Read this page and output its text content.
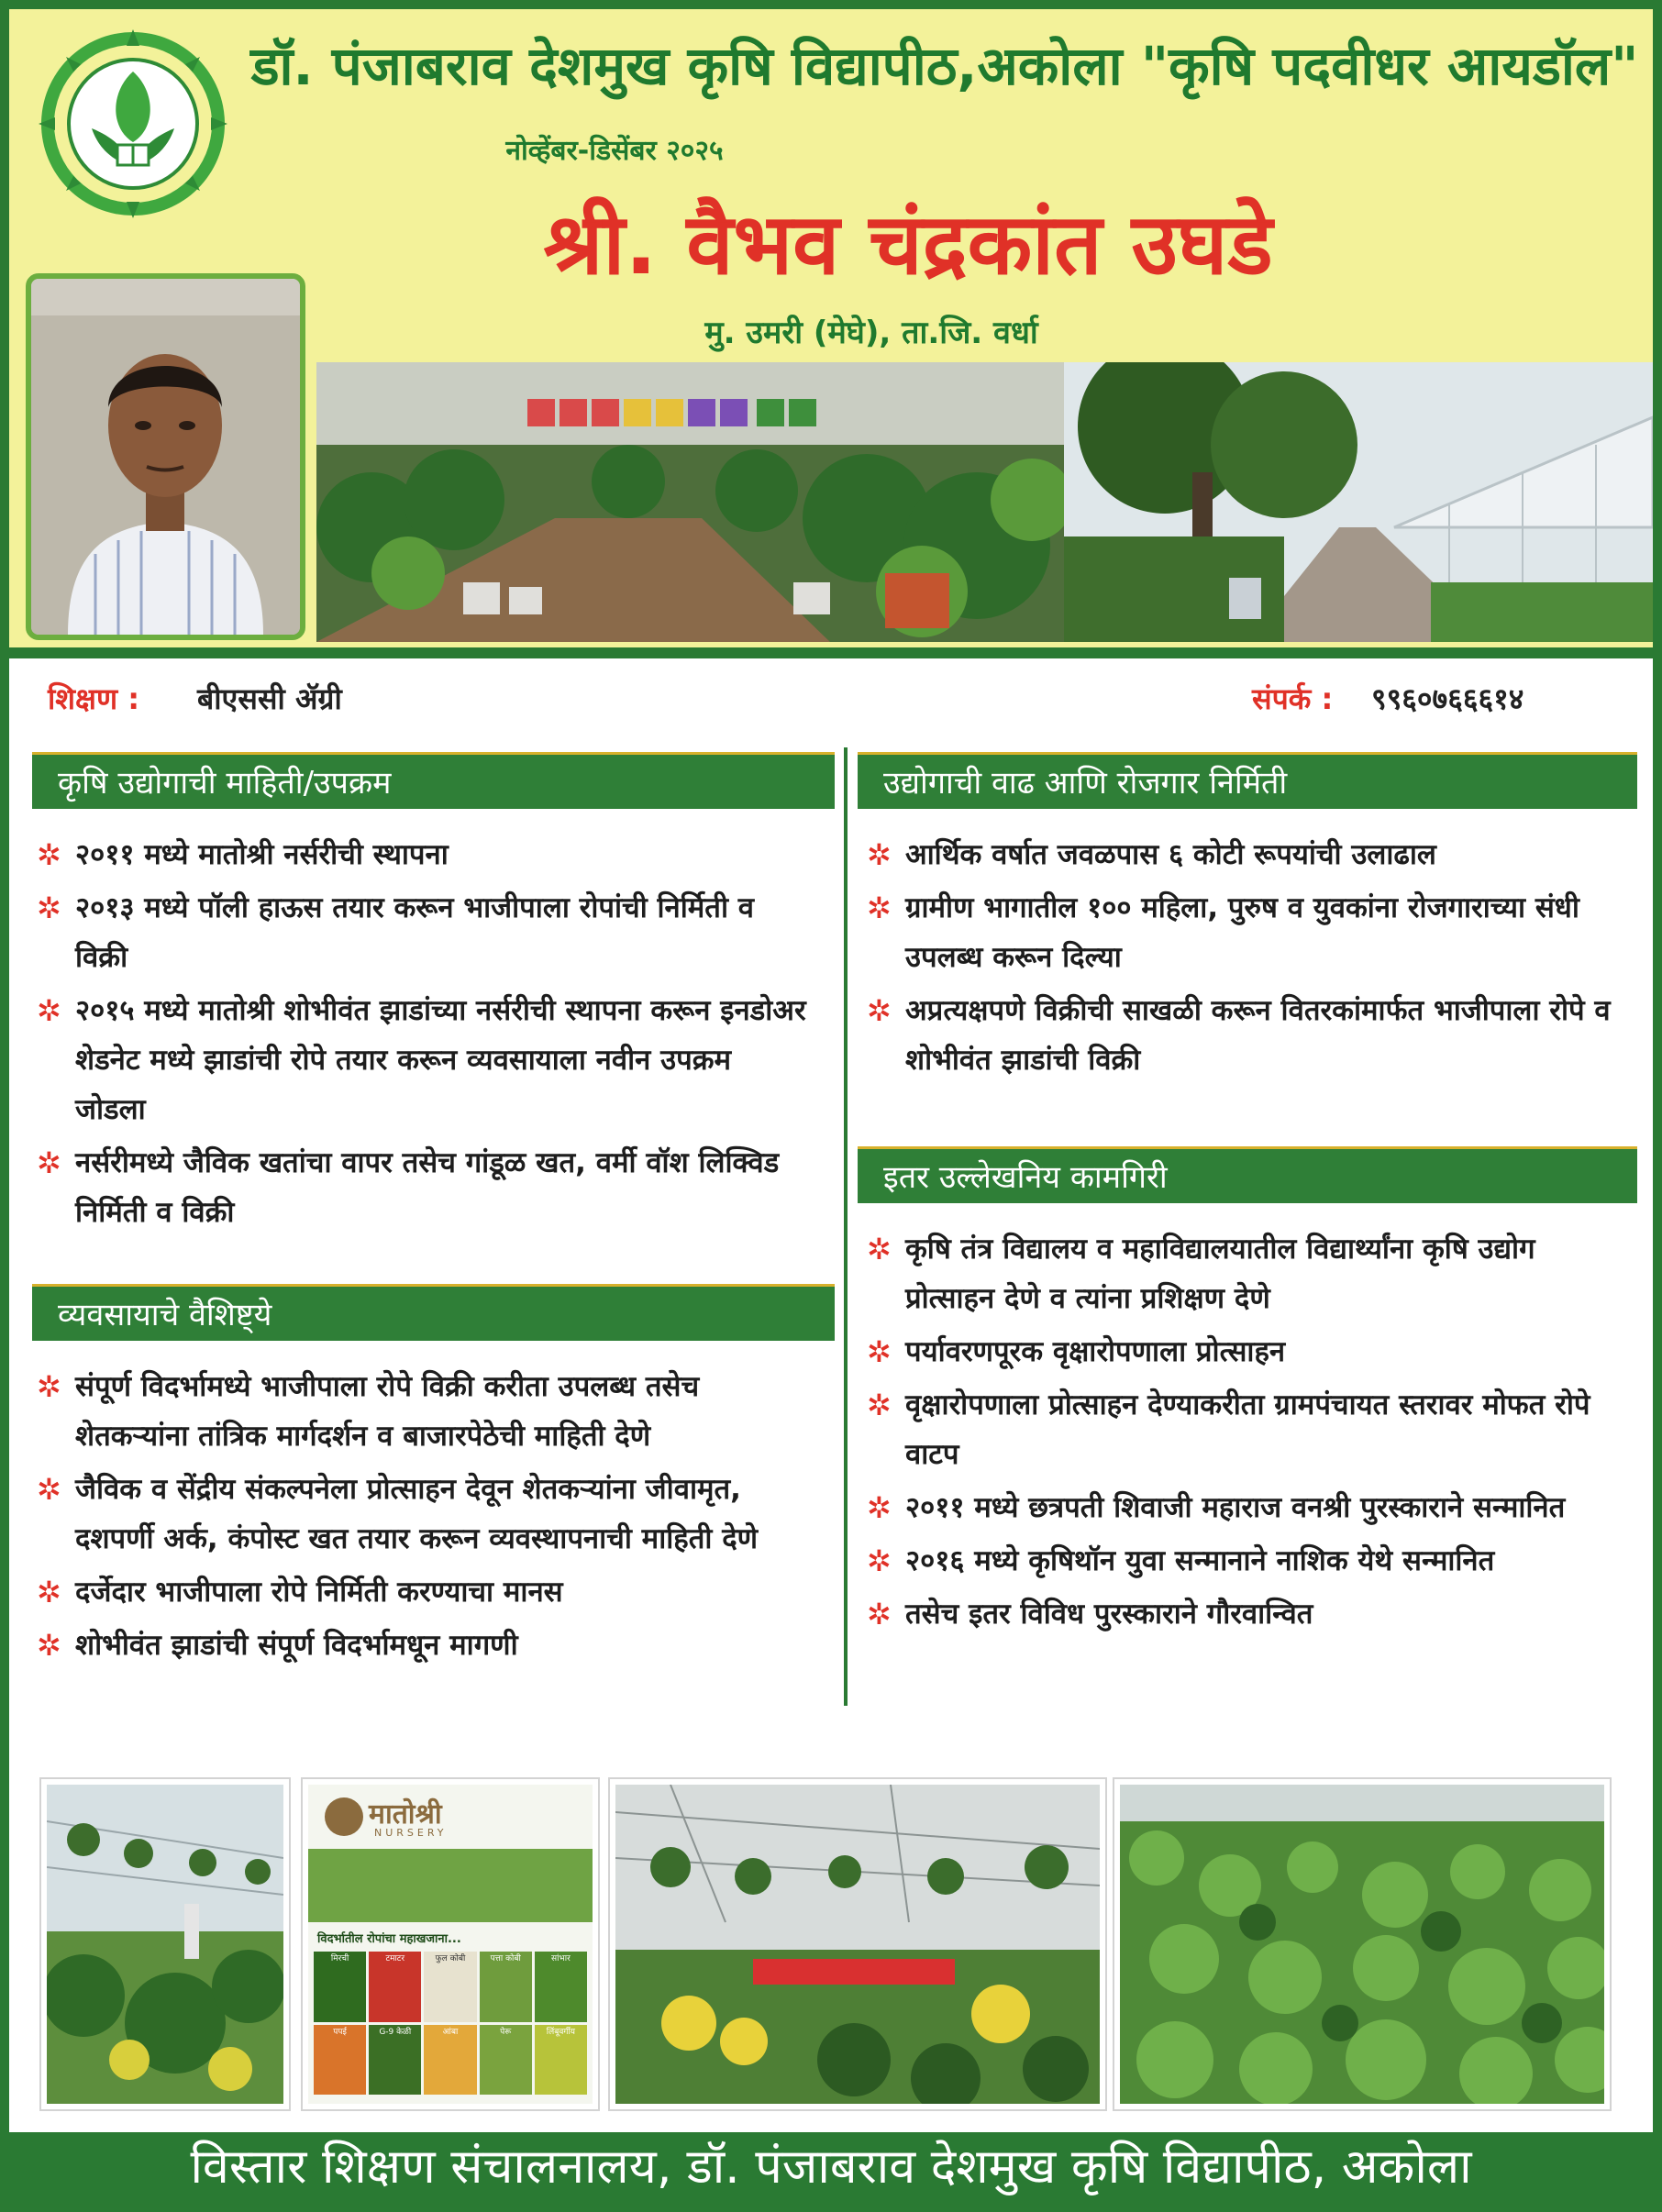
डॉ. पंजाबराव देशमुख कृषि विद्यापीठ,अकोला "कृषि पदवीधर आयडॉल"
नोव्हेंबर-डिसेंबर २०२५
श्री. वैभव चंद्रकांत उघडे
मु. उमरी (मेघे), ता.जि. वर्धा
शिक्षण : बीएससी ॲग्री	संपर्क : ९९६०७६६६१४
कृषि उद्योगाची माहिती/उपक्रम
✲ २०११ मध्ये मातोश्री नर्सरीची स्थापना
✲ २०१३ मध्ये पॉली हाऊस तयार करून भाजीपाला रोपांची निर्मिती व विक्री
✲ २०१५ मध्ये मातोश्री शोभीवंत झाडांच्या नर्सरीची स्थापना करून इनडोअर शेडनेट मध्ये झाडांची रोपे तयार करून व्यवसायाला नवीन उपक्रम जोडला
✲ नर्सरीमध्ये जैविक खतांचा वापर तसेच गांडूळ खत, वर्मी वॉश लिक्विड निर्मिती व विक्री
व्यवसायाचे वैशिष्ट्ये
✲ संपूर्ण विदर्भामध्ये भाजीपाला रोपे विक्री करीता उपलब्ध तसेच शेतकऱ्यांना तांत्रिक मार्गदर्शन व बाजारपेठेची माहिती देणे
✲ जैविक व सेंद्रीय संकल्पनेला प्रोत्साहन देवून शेतकऱ्यांना जीवामृत, दशपर्णी अर्क, कंपोस्ट खत तयार करून व्यवस्थापनाची माहिती देणे
✲ दर्जेदार भाजीपाला रोपे निर्मिती करण्याचा मानस
✲ शोभीवंत झाडांची संपूर्ण विदर्भामधून मागणी
उद्योगाची वाढ आणि रोजगार निर्मिती
✲ आर्थिक वर्षात जवळपास ६ कोटी रूपयांची उलाढाल
✲ ग्रामीण भागातील १०० महिला, पुरुष व युवकांना रोजगाराच्या संधी उपलब्ध करून दिल्या
✲ अप्रत्यक्षपणे विक्रीची साखळी करून वितरकांमार्फत भाजीपाला रोपे व शोभीवंत झाडांची विक्री
इतर उल्लेखनिय कामगिरी
✲ कृषि तंत्र विद्यालय व महाविद्यालयातील विद्यार्थ्यांना कृषि उद्योग प्रोत्साहन देणे व त्यांना प्रशिक्षण देणे
✲ पर्यावरणपूरक वृक्षारोपणाला प्रोत्साहन
✲ वृक्षारोपणाला प्रोत्साहन देण्याकरीता ग्रामपंचायत स्तरावर मोफत रोपे वाटप
✲ २०११ मध्ये छत्रपती शिवाजी महाराज वनश्री पुरस्काराने सन्मानित
✲ २०१६ मध्ये कृषिथॉन युवा सन्मानाने नाशिक येथे सन्मानित
✲ तसेच इतर विविध पुरस्काराने गौरवान्वित
मातोश्री
NURSERY
विदर्भातील रोपांचा महाखजाना...
मिरची	टमाटर	फुल कोबी	पत्ता कोबी	सांभार
पपई	G-9 केळी	आंबा	पेरू	लिंबूवर्गीय
विस्तार शिक्षण संचालनालय, डॉ. पंजाबराव देशमुख कृषि विद्यापीठ, अकोला
